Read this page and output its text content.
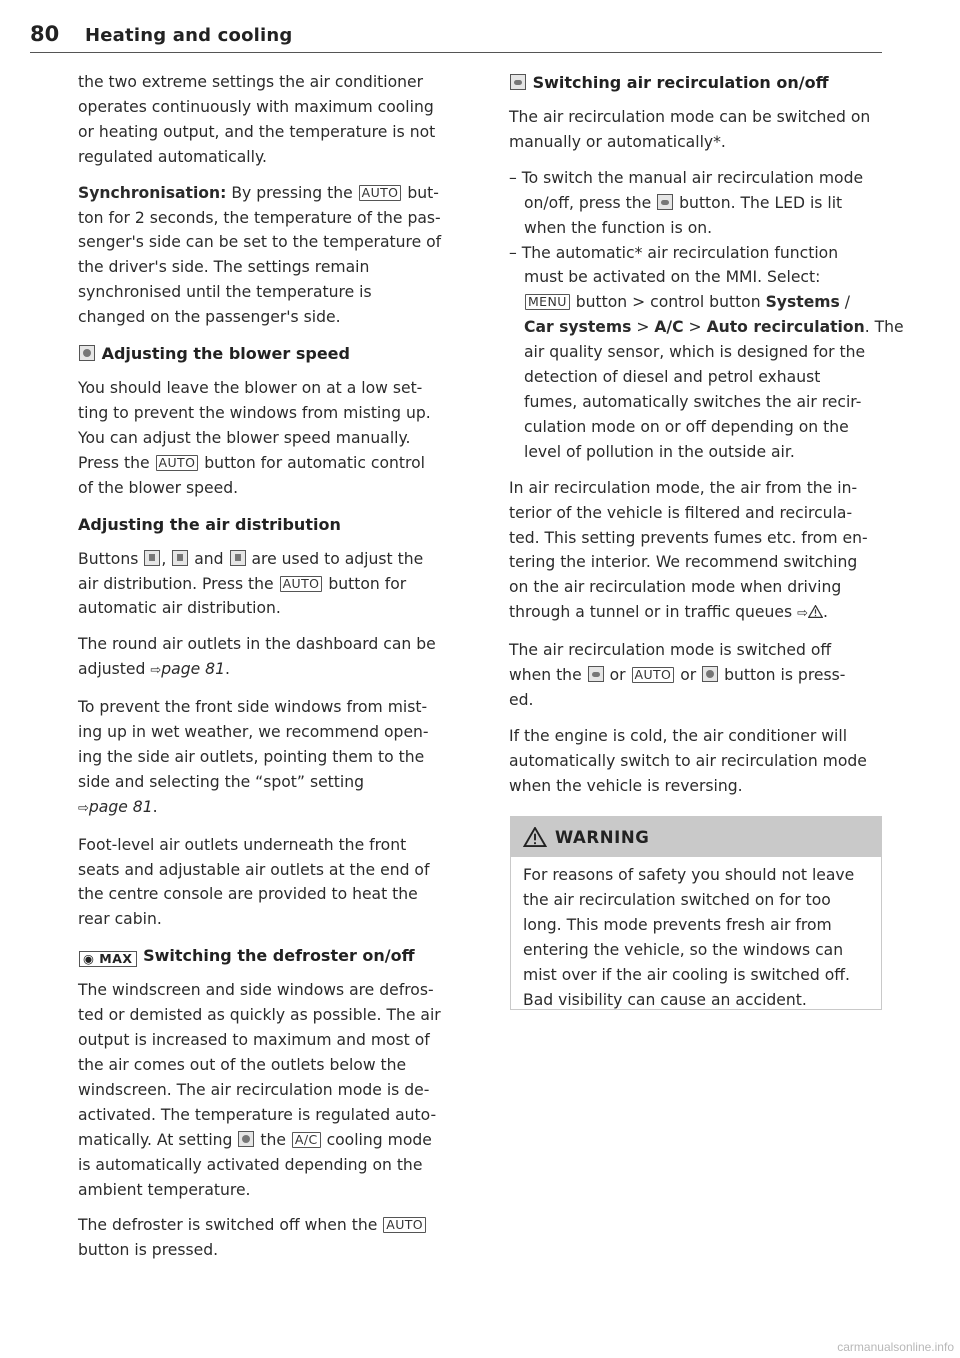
80 Heating and cooling
the two extreme settings the air conditioner
operates continuously with maximum cooling
or heating output, and the temperature is not
regulated automatically.
Synchronisation: By pressing the AUTO but-
ton for 2 seconds, the temperature of the pas-
senger's side can be set to the temperature of
the driver's side. The settings remain
synchronised until the temperature is
changed on the passenger's side.
Adjusting the blower speed
You should leave the blower on at a low set-
ting to prevent the windows from misting up.
You can adjust the blower speed manually.
Press the AUTO button for automatic control
of the blower speed.
Adjusting the air distribution
Buttons ,  and  are used to adjust the
air distribution. Press the AUTO button for
automatic air distribution.
The round air outlets in the dashboard can be
adjusted ⇨page 81.
To prevent the front side windows from mist-
ing up in wet weather, we recommend open-
ing the side air outlets, pointing them to the
side and selecting the “spot” setting
⇨page 81.
Foot-level air outlets underneath the front
seats and adjustable air outlets at the end of
the centre console are provided to heat the
rear cabin.
◉ MAX Switching the defroster on/off
The windscreen and side windows are defros-
ted or demisted as quickly as possible. The air
output is increased to maximum and most of
the air comes out of the outlets below the
windscreen. The air recirculation mode is de-
activated. The temperature is regulated auto-
matically. At setting  the A/C cooling mode
is automatically activated depending on the
ambient temperature.
The defroster is switched off when the AUTO
button is pressed.
Switching air recirculation on/off
The air recirculation mode can be switched on
manually or automatically*.
– To switch the manual air recirculation mode
on/off, press the  button. The LED is lit
when the function is on.
– The automatic* air recirculation function
must be activated on the MMI. Select:
MENU button > control button Systems /
Car systems > A/C > Auto recirculation. The
air quality sensor, which is designed for the
detection of diesel and petrol exhaust
fumes, automatically switches the air recir-
culation mode on or off depending on the
level of pollution in the outside air.
In air recirculation mode, the air from the in-
terior of the vehicle is filtered and recircula-
ted. This setting prevents fumes etc. from en-
tering the interior. We recommend switching
on the air recirculation mode when driving
through a tunnel or in traffic queues ⇨ .
The air recirculation mode is switched off
when the  or AUTO or  button is press-
ed.
If the engine is cold, the air conditioner will
automatically switch to air recirculation mode
when the vehicle is reversing.
WARNING
For reasons of safety you should not leave
the air recirculation switched on for too
long. This mode prevents fresh air from
entering the vehicle, so the windows can
mist over if the air cooling is switched off.
Bad visibility can cause an accident.
carmanualsonline.info
